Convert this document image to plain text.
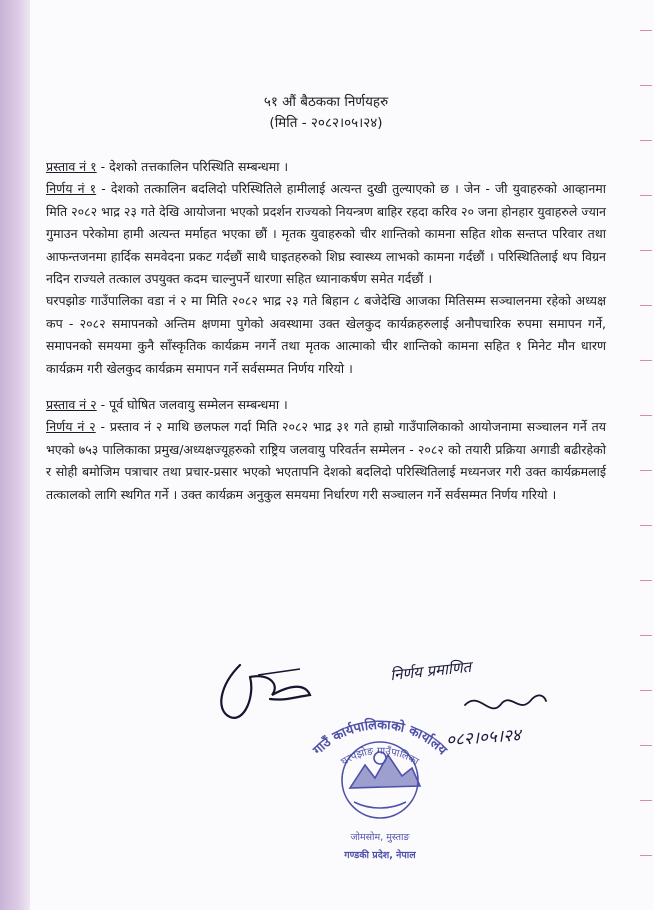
५१ औं बैठकका निर्णयहरु
(मिति - २०८२।०५।२४)

प्रस्ताव नं १ - देशको तत्तकालिन परिस्थिति सम्बन्धमा ।

निर्णय नं १ - देशको तत्कालिन बदलिदो परिस्थितिले हामीलाई अत्यन्त दुखी तुल्याएको छ । जेन - जी युवाहरुको आव्हानमा मिति २०८२ भाद्र २३ गते देखि आयोजना भएको प्रदर्शन राज्यको नियन्त्रण बाहिर रहदा करिव २० जना होनहार युवाहरुले ज्यान गुमाउन परेकोमा हामी अत्यन्त मर्माहत भएका छौं । मृतक युवाहरुको चीर शान्तिको कामना सहित शोक सन्तप्त परिवार तथा आफन्तजनमा हार्दिक समवेदना प्रकट गर्दछौं साथै घाइतहरुको शिघ्र स्वास्थ्य लाभको कामना गर्दछौं । परिस्थितिलाई थप विग्रन नदिन राज्यले तत्काल उपयुक्त कदम चाल्नुपर्ने धारणा सहित ध्यानाकर्षण समेत गर्दछौं ।

घरपझोङ गाउँपालिका वडा नं २ मा मिति २०८२ भाद्र २३ गते बिहान ८ बजेदेखि आजका मितिसम्म सञ्चालनमा रहेको अध्यक्ष कप - २०८२ समापनको अन्तिम क्षणमा पुगेको अवस्थामा उक्त खेलकुद कार्यक्रहरुलाई अनौपचारिक रुपमा समापन गर्ने, समापनको समयमा कुनै साँस्कृतिक कार्यक्रम नगर्ने तथा मृतक आत्माको चीर शान्तिको कामना सहित १ मिनेट मौन धारण कार्यक्रम गरी खेलकुद कार्यक्रम समापन गर्ने सर्वसम्मत निर्णय गरियो ।

प्रस्ताव नं २ - पूर्व घोषित जलवायु सम्मेलन सम्बन्धमा ।

निर्णय नं २ - प्रस्ताव नं २ माथि छलफल गर्दा मिति २०८२ भाद्र ३१ गते हाम्रो गाउँपालिकाको आयोजनामा सञ्चालन गर्ने तय भएको ७५३ पालिकाका प्रमुख/अध्यक्षज्यूहरुको राष्ट्रिय जलवायु परिवर्तन सम्मेलन - २०८२ को तयारी प्रक्रिया अगाडी बढीरहेको र सोही बमोजिम पत्राचार तथा प्रचार-प्रसार भएको भएतापनि देशको बदलिदो परिस्थितिलाई मध्यनजर गरी उक्त कार्यक्रमलाई तत्कालको लागि स्थगित गर्ने । उक्त कार्यक्रम अनुकुल समयमा निर्धारण गरी सञ्चालन गर्ने सर्वसम्मत निर्णय गरियो ।

निर्णय प्रमाणित
०८२।०५।२४
घरपझोङ गाउँपालिका
गाउँ कार्यपालिकाको कार्यालय
जोमसोम, मुस्ताङ
गण्डकी प्रदेश, नेपाल
